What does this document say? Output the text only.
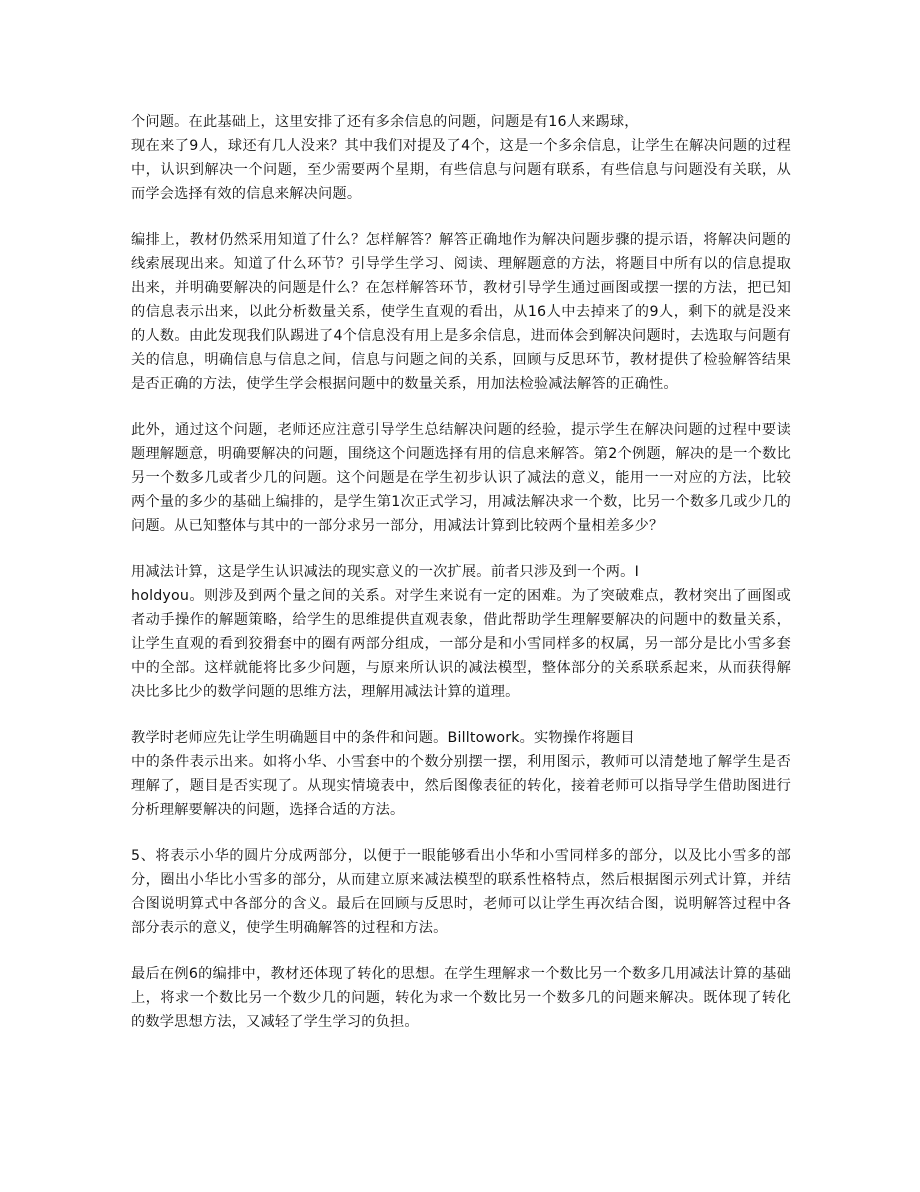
个问题。在此基础上，这里安排了还有多余信息的问题，问题是有16人来踢球，
现在来了9人，球还有几人没来？其中我们对提及了4个，这是一个多余信息，让学生在解决问题的过程中，认识到解决一个问题，至少需要两个星期，有些信息与问题有联系，有些信息与问题没有关联，从而学会选择有效的信息来解决问题。

编排上，教材仍然采用知道了什么？怎样解答？解答正确地作为解决问题步骤的提示语，将解决问题的线索展现出来。知道了什么环节？引导学生学习、阅读、理解题意的方法，将题目中所有以的信息提取出来，并明确要解决的问题是什么？在怎样解答环节，教材引导学生通过画图或摆一摆的方法，把已知的信息表示出来，以此分析数量关系，使学生直观的看出，从16人中去掉来了的9人，剩下的就是没来的人数。由此发现我们队踢进了4个信息没有用上是多余信息，进而体会到解决问题时，去选取与问题有关的信息，明确信息与信息之间，信息与问题之间的关系，回顾与反思环节，教材提供了检验解答结果是否正确的方法，使学生学会根据问题中的数量关系，用加法检验减法解答的正确性。

此外，通过这个问题，老师还应注意引导学生总结解决问题的经验，提示学生在解决问题的过程中要读题理解题意，明确要解决的问题，围绕这个问题选择有用的信息来解答。第2个例题，解决的是一个数比另一个数多几或者少几的问题。这个问题是在学生初步认识了减法的意义，能用一一对应的方法，比较两个量的多少的基础上编排的，是学生第1次正式学习，用减法解决求一个数，比另一个数多几或少几的问题。从已知整体与其中的一部分求另一部分，用减法计算到比较两个量相差多少？

用减法计算，这是学生认识减法的现实意义的一次扩展。前者只涉及到一个两。I
holdyou。则涉及到两个量之间的关系。对学生来说有一定的困难。为了突破难点，教材突出了画图或者动手操作的解题策略，给学生的思维提供直观表象，借此帮助学生理解要解决的问题中的数量关系，让学生直观的看到狡猾套中的圈有两部分组成，一部分是和小雪同样多的权属，另一部分是比小雪多套中的全部。这样就能将比多少问题，与原来所认识的减法模型，整体部分的关系联系起来，从而获得解决比多比少的数学问题的思维方法，理解用减法计算的道理。

教学时老师应先让学生明确题目中的条件和问题。Billtowork。实物操作将题目
中的条件表示出来。如将小华、小雪套中的个数分别摆一摆，利用图示，教师可以清楚地了解学生是否理解了，题目是否实现了。从现实情境表中，然后图像表征的转化，接着老师可以指导学生借助图进行分析理解要解决的问题，选择合适的方法。

5、将表示小华的圆片分成两部分，以便于一眼能够看出小华和小雪同样多的部分，以及比小雪多的部分，圈出小华比小雪多的部分，从而建立原来减法模型的联系性格特点，然后根据图示列式计算，并结合图说明算式中各部分的含义。最后在回顾与反思时，老师可以让学生再次结合图，说明解答过程中各部分表示的意义，使学生明确解答的过程和方法。

最后在例6的编排中，教材还体现了转化的思想。在学生理解求一个数比另一个数多几用减法计算的基础上，将求一个数比另一个数少几的问题，转化为求一个数比另一个数多几的问题来解决。既体现了转化的数学思想方法，又减轻了学生学习的负担。
